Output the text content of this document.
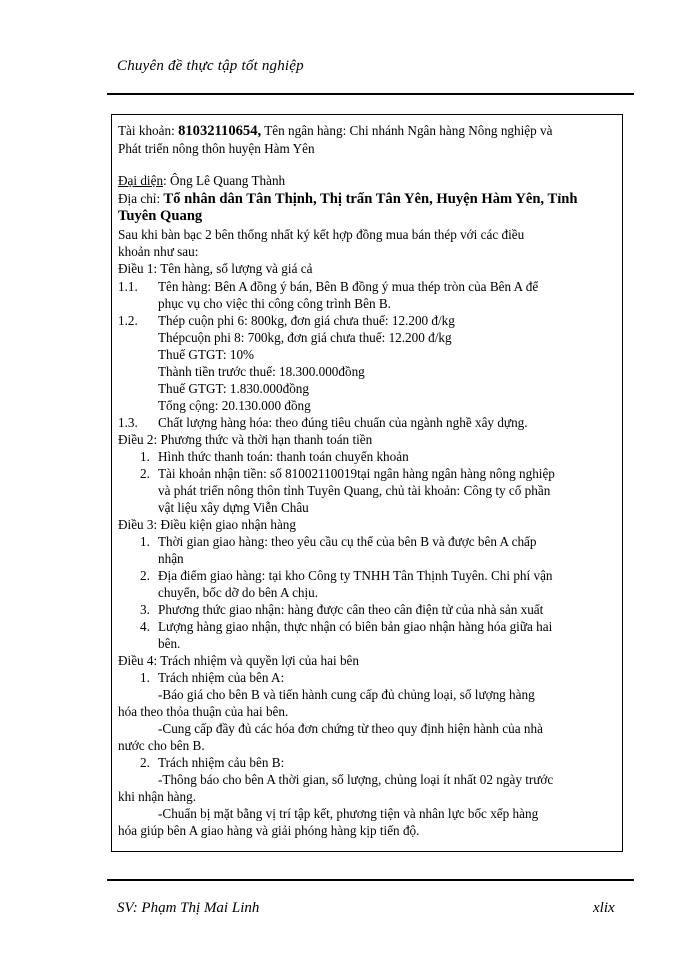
Chuyên đề thực tập tốt nghiệp
Tài khoản: 81032110654, Tên ngân hàng: Chi nhánh Ngân hàng Nông nghiệp và
Phát triển nông thôn huyện Hàm Yên
Đại diện: Ông Lê Quang Thành
Địa chỉ: Tổ nhân dân Tân Thịnh, Thị trấn Tân Yên, Huyện Hàm Yên, Tỉnh
Tuyên Quang
Sau khi bàn bạc 2 bên thống nhất ký kết hợp đồng mua bán thép với các điều
khoản như sau:
Điều 1: Tên hàng, số lượng và giá cả
1.1. Tên hàng: Bên A đồng ý bán, Bên B đồng ý mua thép tròn của Bên A để
phục vụ cho việc thi công công trình Bên B.
1.2. Thép cuộn phi 6: 800kg, đơn giá chưa thuế: 12.200 đ/kg
Thépcuộn phi 8: 700kg, đơn giá chưa thuế: 12.200 đ/kg
Thuế GTGT: 10%
Thành tiền trước thuế: 18.300.000đồng
Thuế GTGT: 1.830.000đồng
Tổng cộng: 20.130.000 đồng
1.3. Chất lượng hàng hóa: theo đúng tiêu chuẩn của ngành nghề xây dựng.
Điều 2: Phương thức và thời hạn thanh toán tiền
1. Hình thức thanh toán: thanh toán chuyển khoản
2. Tài khoản nhận tiền: số 81002110019tại ngân hàng ngân hàng nông nghiệp
và phát triển nông thôn tỉnh Tuyên Quang, chủ tài khoản: Công ty cổ phần
vật liệu xây dựng Viễn Châu
Điều 3: Điều kiện giao nhận hàng
1. Thời gian giao hàng: theo yêu cầu cụ thể của bên B và được bên A chấp
nhận
2. Địa điểm giao hàng: tại kho Công ty TNHH Tân Thịnh Tuyên. Chi phí vận
chuyển, bốc dỡ do bên A chịu.
3. Phương thức giao nhận: hàng được cân theo cân điện tử của nhà sản xuất
4. Lượng hàng giao nhận, thực nhận có biên bản giao nhận hàng hóa giữa hai
bên.
Điều 4: Trách nhiệm và quyền lợi của hai bên
1. Trách nhiệm của bên A:
-Báo giá cho bên B và tiến hành cung cấp đủ chủng loại, số lượng hàng
hóa theo thỏa thuận của hai bên.
-Cung cấp đầy đủ các hóa đơn chứng từ theo quy định hiện hành của nhà
nước cho bên B.
2. Trách nhiệm cảu bên B:
-Thông báo cho bên A thời gian, số lượng, chủng loại ít nhất 02 ngày trước
khi nhận hàng.
-Chuẩn bị mặt bằng vị trí tập kết, phương tiện và nhân lực bốc xếp hàng
hóa giúp bên A giao hàng và giải phóng hàng kịp tiến độ.
SV: Phạm Thị Mai Linh	xlix
